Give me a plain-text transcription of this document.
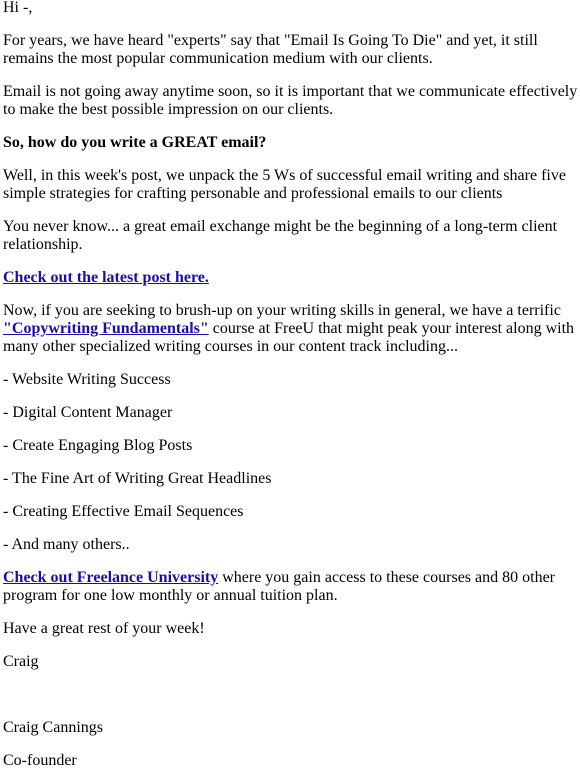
Hi -,

For years, we have heard "experts" say that "Email Is Going To Die" and yet, it still remains the most popular communication medium with our clients.

Email is not going away anytime soon, so it is important that we communicate effectively to make the best possible impression on our clients.

So, how do you write a GREAT email?

Well, in this week's post, we unpack the 5 Ws of successful email writing and share five simple strategies for crafting personable and professional emails to our clients

You never know... a great email exchange might be the beginning of a long-term client relationship.

Check out the latest post here.

Now, if you are seeking to brush-up on your writing skills in general, we have a terrific "Copywriting Fundamentals" course at FreeU that might peak your interest along with many other specialized writing courses in our content track including...

- Website Writing Success

- Digital Content Manager

- Create Engaging Blog Posts

- The Fine Art of Writing Great Headlines

- Creating Effective Email Sequences

- And many others..

Check out Freelance University where you gain access to these courses and 80 other program for one low monthly or annual tuition plan.

Have a great rest of your week!

Craig

Craig Cannings

Co-founder
